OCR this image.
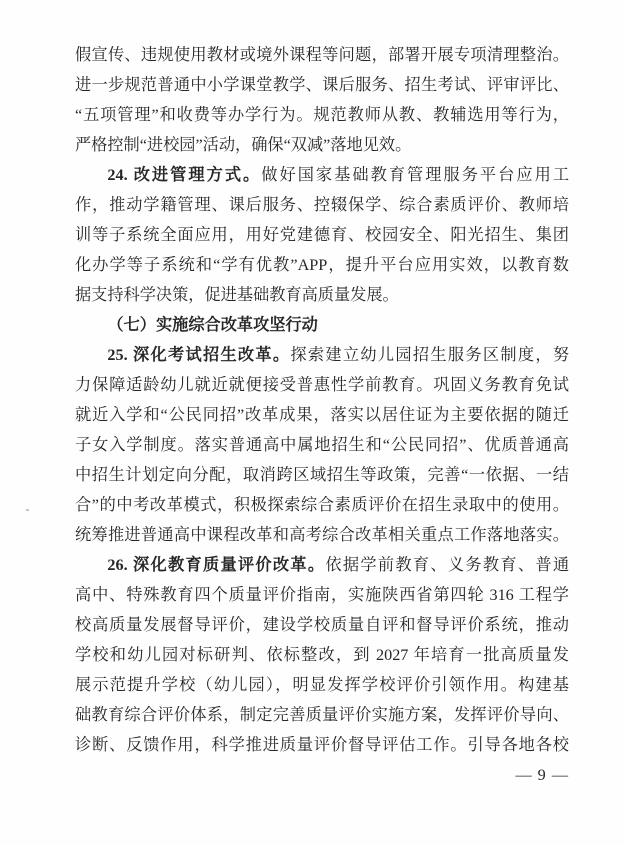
假宣传、违规使用教材或境外课程等问题，部署开展专项清理整治。
进一步规范普通中小学课堂教学、课后服务、招生考试、评审评比、
“五项管理”和收费等办学行为。规范教师从教、教辅选用等行为，
严格控制“进校园”活动，确保“双减”落地见效。
24. 改进管理方式。做好国家基础教育管理服务平台应用工
作，推动学籍管理、课后服务、控辍保学、综合素质评价、教师培
训等子系统全面应用，用好党建德育、校园安全、阳光招生、集团
化办学等子系统和“学有优教”APP，提升平台应用实效，以教育数
据支持科学决策，促进基础教育高质量发展。
（七）实施综合改革攻坚行动
25. 深化考试招生改革。探索建立幼儿园招生服务区制度，努
力保障适龄幼儿就近就便接受普惠性学前教育。巩固义务教育免试
就近入学和“公民同招”改革成果，落实以居住证为主要依据的随迁
子女入学制度。落实普通高中属地招生和“公民同招”、优质普通高
中招生计划定向分配，取消跨区域招生等政策，完善“一依据、一结
合”的中考改革模式，积极探索综合素质评价在招生录取中的使用。
统筹推进普通高中课程改革和高考综合改革相关重点工作落地落实。
26. 深化教育质量评价改革。依据学前教育、义务教育、普通
高中、特殊教育四个质量评价指南，实施陕西省第四轮 316 工程学
校高质量发展督导评价，建设学校质量自评和督导评价系统，推动
学校和幼儿园对标研判、依标整改，到 2027 年培育一批高质量发
展示范提升学校（幼儿园），明显发挥学校评价引领作用。构建基
础教育综合评价体系，制定完善质量评价实施方案，发挥评价导向、
诊断、反馈作用，科学推进质量评价督导评估工作。引导各地各校
— 9 —
